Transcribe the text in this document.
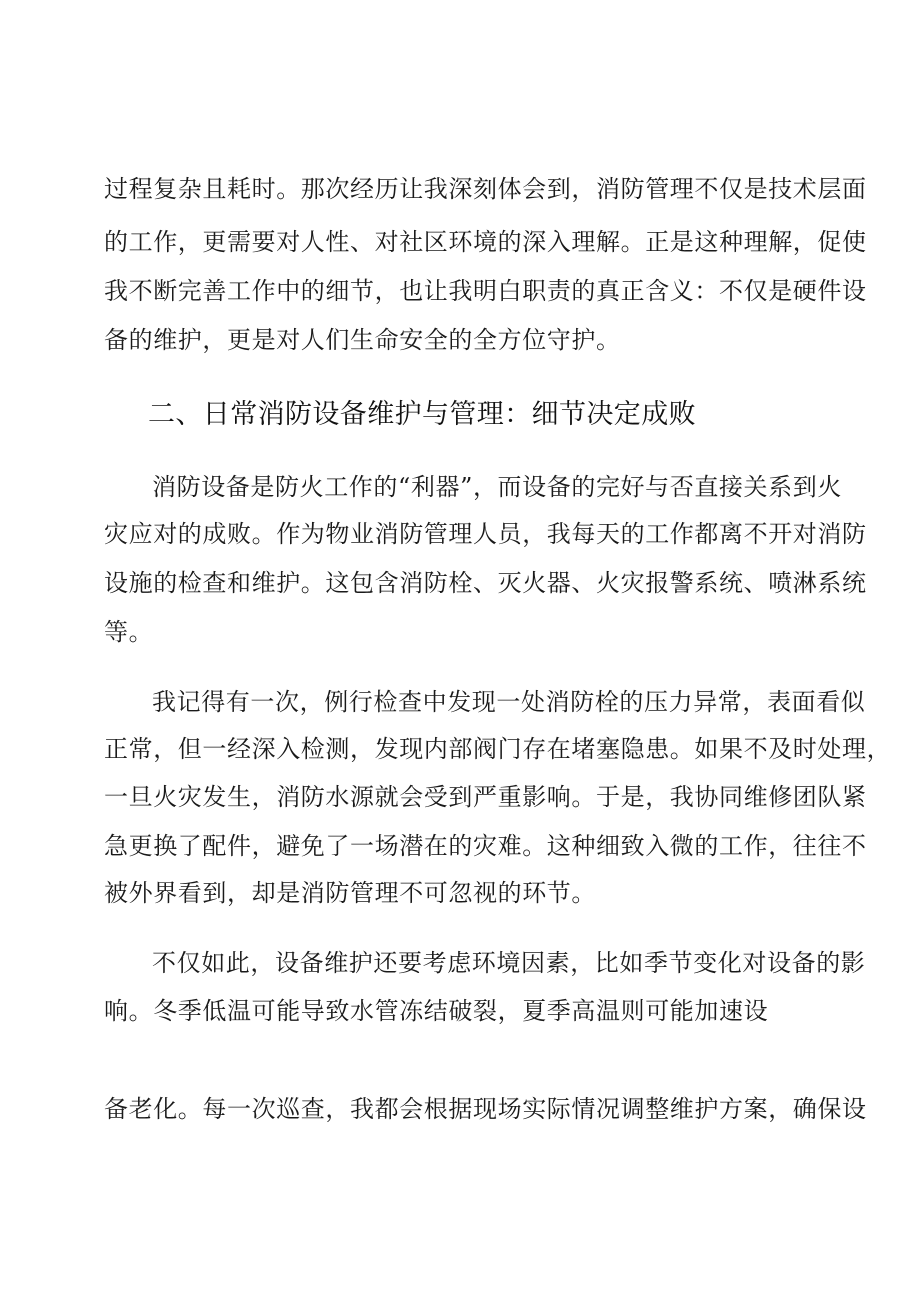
过程复杂且耗时。那次经历让我深刻体会到，消防管理不仅是技术层面
的工作，更需要对人性、对社区环境的深入理解。正是这种理解，促使
我不断完善工作中的细节，也让我明白职责的真正含义：不仅是硬件设
备的维护，更是对人们生命安全的全方位守护。
二、日常消防设备维护与管理：细节决定成败
消防设备是防火工作的“利器”，而设备的完好与否直接关系到火
灾应对的成败。作为物业消防管理人员，我每天的工作都离不开对消防
设施的检查和维护。这包含消防栓、灭火器、火灾报警系统、喷淋系统
等。
我记得有一次，例行检查中发现一处消防栓的压力异常，表面看似
正常，但一经深入检测，发现内部阀门存在堵塞隐患。如果不及时处理，
一旦火灾发生，消防水源就会受到严重影响。于是，我协同维修团队紧
急更换了配件，避免了一场潜在的灾难。这种细致入微的工作，往往不
被外界看到，却是消防管理不可忽视的环节。
不仅如此，设备维护还要考虑环境因素，比如季节变化对设备的影
响。冬季低温可能导致水管冻结破裂，夏季高温则可能加速设
备老化。每一次巡查，我都会根据现场实际情况调整维护方案，确保设
